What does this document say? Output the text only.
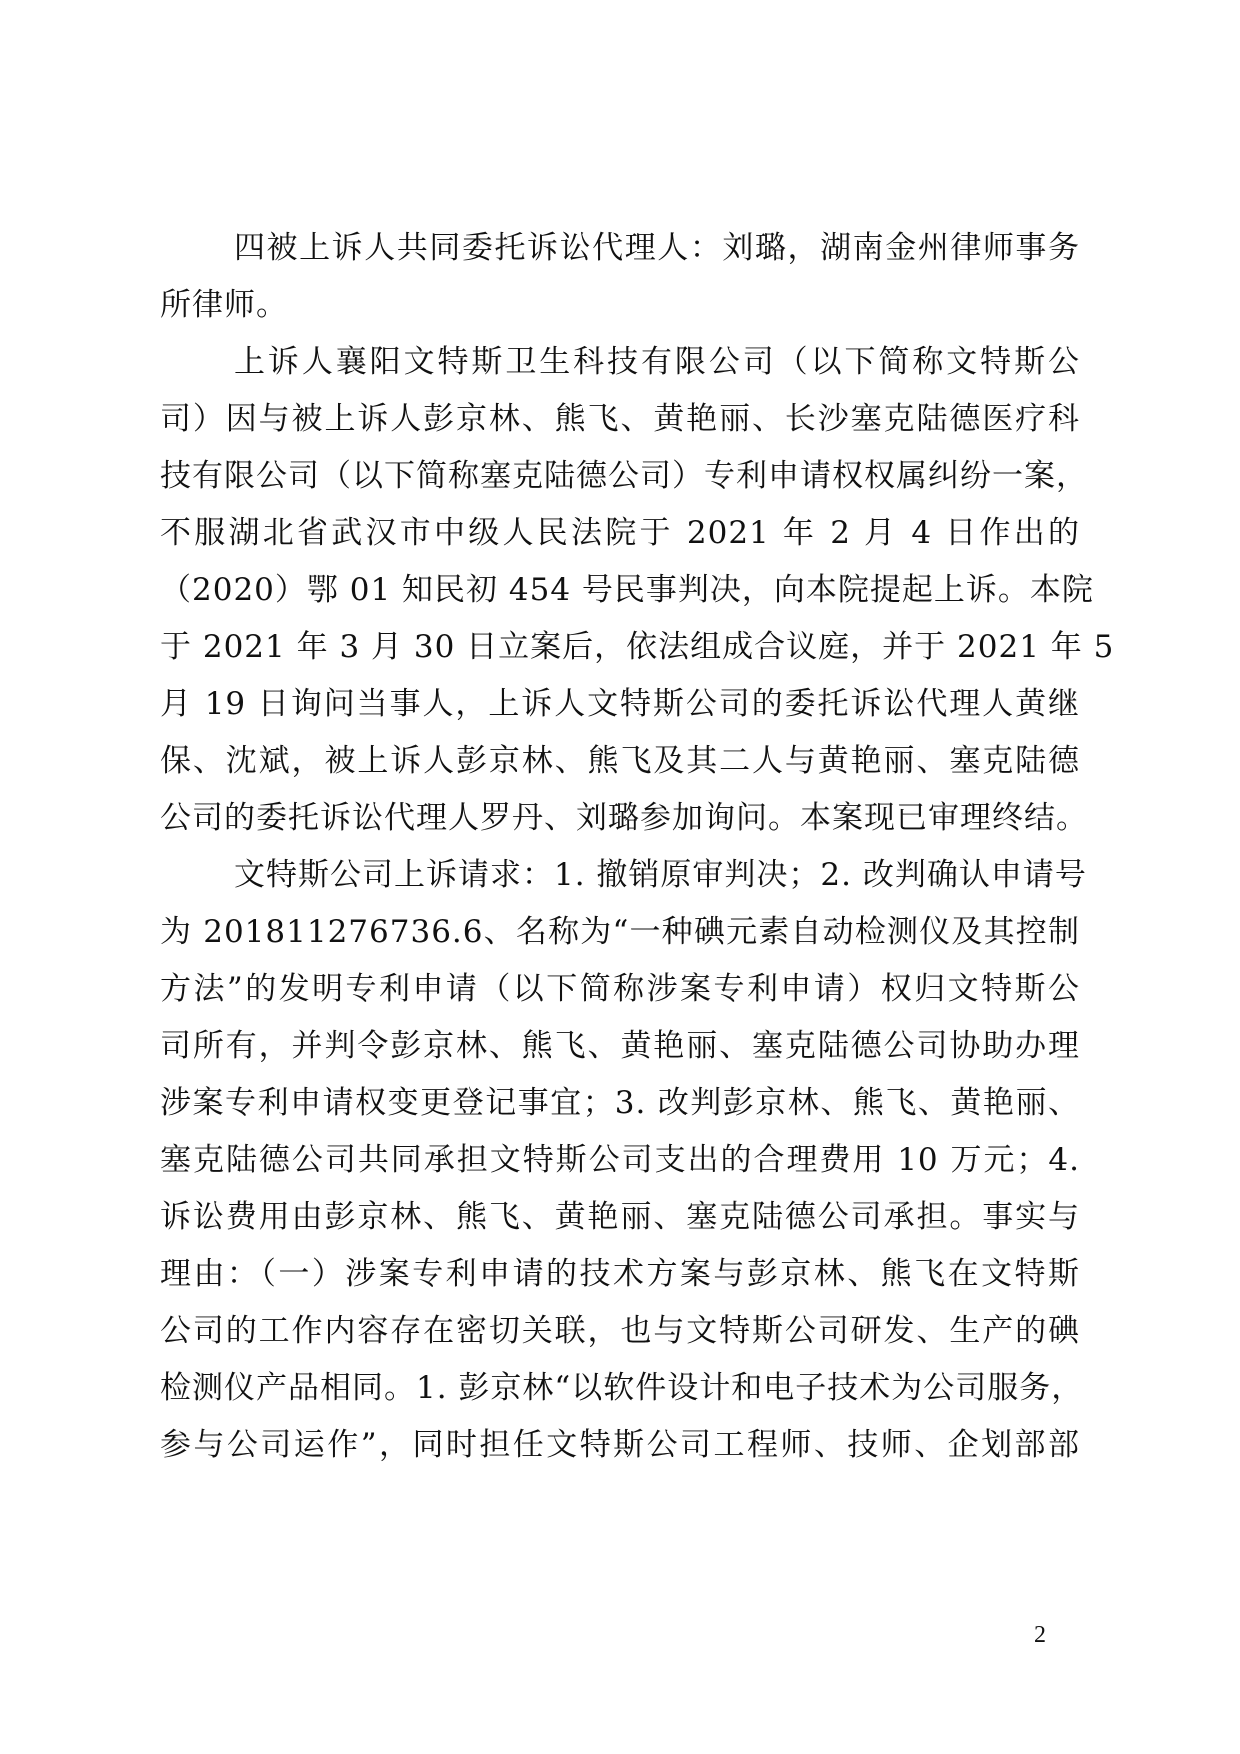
四被上诉人共同委托诉讼代理人：刘璐，湖南金州律师事务
所律师。
上诉人襄阳文特斯卫生科技有限公司（以下简称文特斯公
司）因与被上诉人彭京林、熊飞、黄艳丽、长沙塞克陆德医疗科
技有限公司（以下简称塞克陆德公司）专利申请权权属纠纷一案，
不服湖北省武汉市中级人民法院于 2021 年 2 月 4 日作出的
（2020）鄂 01 知民初 454 号民事判决，向本院提起上诉。本院
于 2021 年 3 月 30 日立案后，依法组成合议庭，并于 2021 年 5
月 19 日询问当事人，上诉人文特斯公司的委托诉讼代理人黄继
保、沈斌，被上诉人彭京林、熊飞及其二人与黄艳丽、塞克陆德
公司的委托诉讼代理人罗丹、刘璐参加询问。本案现已审理终结。
文特斯公司上诉请求：1. 撤销原审判决；2. 改判确认申请号
为 201811276736.6、名称为“一种碘元素自动检测仪及其控制
方法”的发明专利申请（以下简称涉案专利申请）权归文特斯公
司所有，并判令彭京林、熊飞、黄艳丽、塞克陆德公司协助办理
涉案专利申请权变更登记事宜；3. 改判彭京林、熊飞、黄艳丽、
塞克陆德公司共同承担文特斯公司支出的合理费用 10 万元；4.
诉讼费用由彭京林、熊飞、黄艳丽、塞克陆德公司承担。事实与
理由：（一）涉案专利申请的技术方案与彭京林、熊飞在文特斯
公司的工作内容存在密切关联，也与文特斯公司研发、生产的碘
检测仪产品相同。1. 彭京林“以软件设计和电子技术为公司服务，
参与公司运作”，同时担任文特斯公司工程师、技师、企划部部
2
